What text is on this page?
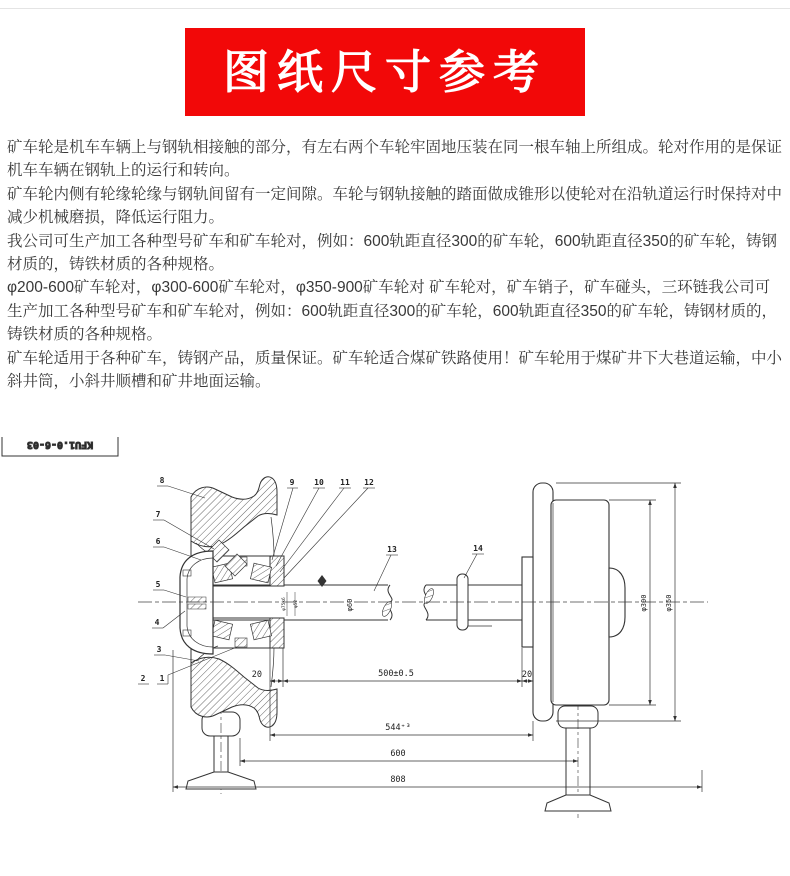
图纸尺寸参考

矿车轮是机车车辆上与钢轨相接触的部分，有左右两个车轮牢固地压装在同一根车轴上所组成。轮对作用的是保证机车车辆在钢轨上的运行和转向。

矿车轮内侧有轮缘轮缘与钢轨间留有一定间隙。车轮与钢轨接触的踏面做成锥形以使轮对在沿轨道运行时保持对中减少机械磨损，降低运行阻力。

我公司可生产加工各种型号矿车和矿车轮对，例如：600轨距直径300的矿车轮，600轨距直径350的矿车轮，铸钢材质的，铸铁材质的各种规格。

φ200-600矿车轮对，φ300-600矿车轮对，φ350-900矿车轮对 矿车轮对，矿车销子，矿车碰头，三环链我公司可生产加工各种型号矿车和矿车轮对，例如：600轨距直径300的矿车轮，600轨距直径350的矿车轮，铸钢材质的，铸铁材质的各种规格。

矿车轮适用于各种矿车，铸钢产品，质量保证。矿车轮适合煤矿铁路使用！矿车轮用于煤矿井下大巷道运输，中小斜井筒，小斜井顺槽和矿井地面运输。

KFU1.0-6-03
φ75k6 φ52	φ60
20	500±0.5	20
544⁺³
600
808
φ300 φ350
8
7
6
5
4
3
2 1
9 10 11 12
13	14
